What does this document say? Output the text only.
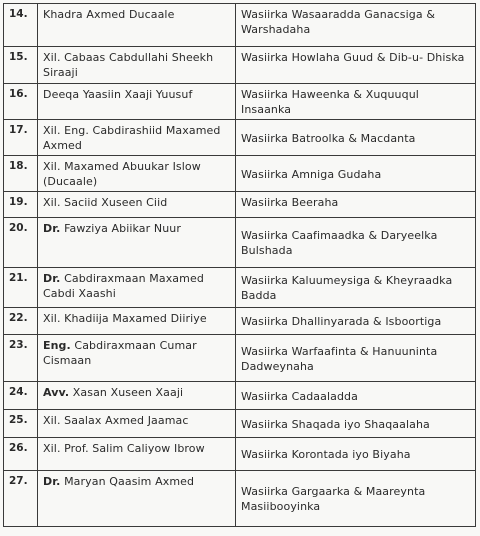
14.	Khadra Axmed Ducaale	Wasiirka Wasaaradda Ganacsiga & Warshadaha
15.	Xil. Cabaas Cabdullahi Sheekh Siraaji	Wasiirka Howlaha Guud & Dib-u- Dhiska
16.	Deeqa Yaasiin Xaaji Yuusuf	Wasiirka Haweenka & Xuquuqul Insaanka
17.	Xil. Eng. Cabdirashiid Maxamed Axmed	Wasiirka Batroolka & Macdanta
18.	Xil. Maxamed Abuukar Islow (Ducaale)	Wasiirka Amniga Gudaha
19.	Xil. Saciid Xuseen Ciid	Wasiirka Beeraha
20.	Dr. Fawziya Abiikar Nuur	Wasiirka Caafimaadka & Daryeelka Bulshada
21.	Dr. Cabdiraxmaan Maxamed Cabdi Xaashi	Wasiirka Kaluumeysiga & Kheyraadka Badda
22.	Xil. Khadiija Maxamed Diiriye	Wasiirka Dhallinyarada & Isboortiga
23.	Eng. Cabdiraxmaan Cumar Cismaan	Wasiirka Warfaafinta & Hanuuninta Dadweynaha
24.	Avv. Xasan Xuseen Xaaji	Wasiirka Cadaaladda
25.	Xil. Saalax Axmed Jaamac	Wasiirka Shaqada iyo Shaqaalaha
26.	Xil. Prof. Salim Caliyow Ibrow	Wasiirka Korontada iyo Biyaha
27.	Dr. Maryan Qaasim Axmed	Wasiirka Gargaarka & Maareynta Masiibooyinka
